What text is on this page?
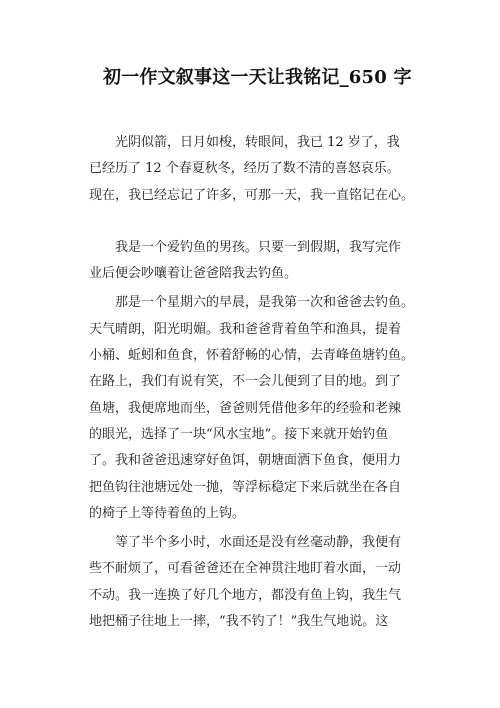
初一作文叙事这一天让我铭记_650 字

光阴似箭，日月如梭，转眼间，我已 12 岁了，我
已经历了 12 个春夏秋冬，经历了数不清的喜怒哀乐。
现在，我已经忘记了许多，可那一天，我一直铭记在心。

我是一个爱钓鱼的男孩。只要一到假期，我写完作
业后便会吵嚷着让爸爸陪我去钓鱼。

那是一个星期六的早晨，是我第一次和爸爸去钓鱼。
天气晴朗，阳光明媚。我和爸爸背着鱼竿和渔具，提着
小桶、蚯蚓和鱼食，怀着舒畅的心情，去青峰鱼塘钓鱼。
在路上，我们有说有笑，不一会儿便到了目的地。到了
鱼塘，我便席地而坐，爸爸则凭借他多年的经验和老辣
的眼光，选择了一块“风水宝地”。接下来就开始钓鱼
了。我和爸爸迅速穿好鱼饵，朝塘面洒下鱼食，便用力
把鱼钩往池塘远处一抛，等浮标稳定下来后就坐在各自
的椅子上等待着鱼的上钩。

等了半个多小时，水面还是没有丝毫动静，我便有
些不耐烦了，可看爸爸还在全神贯注地盯着水面，一动
不动。我一连换了好几个地方，都没有鱼上钩，我生气
地把桶子往地上一摔，“我不钓了！”我生气地说。这
